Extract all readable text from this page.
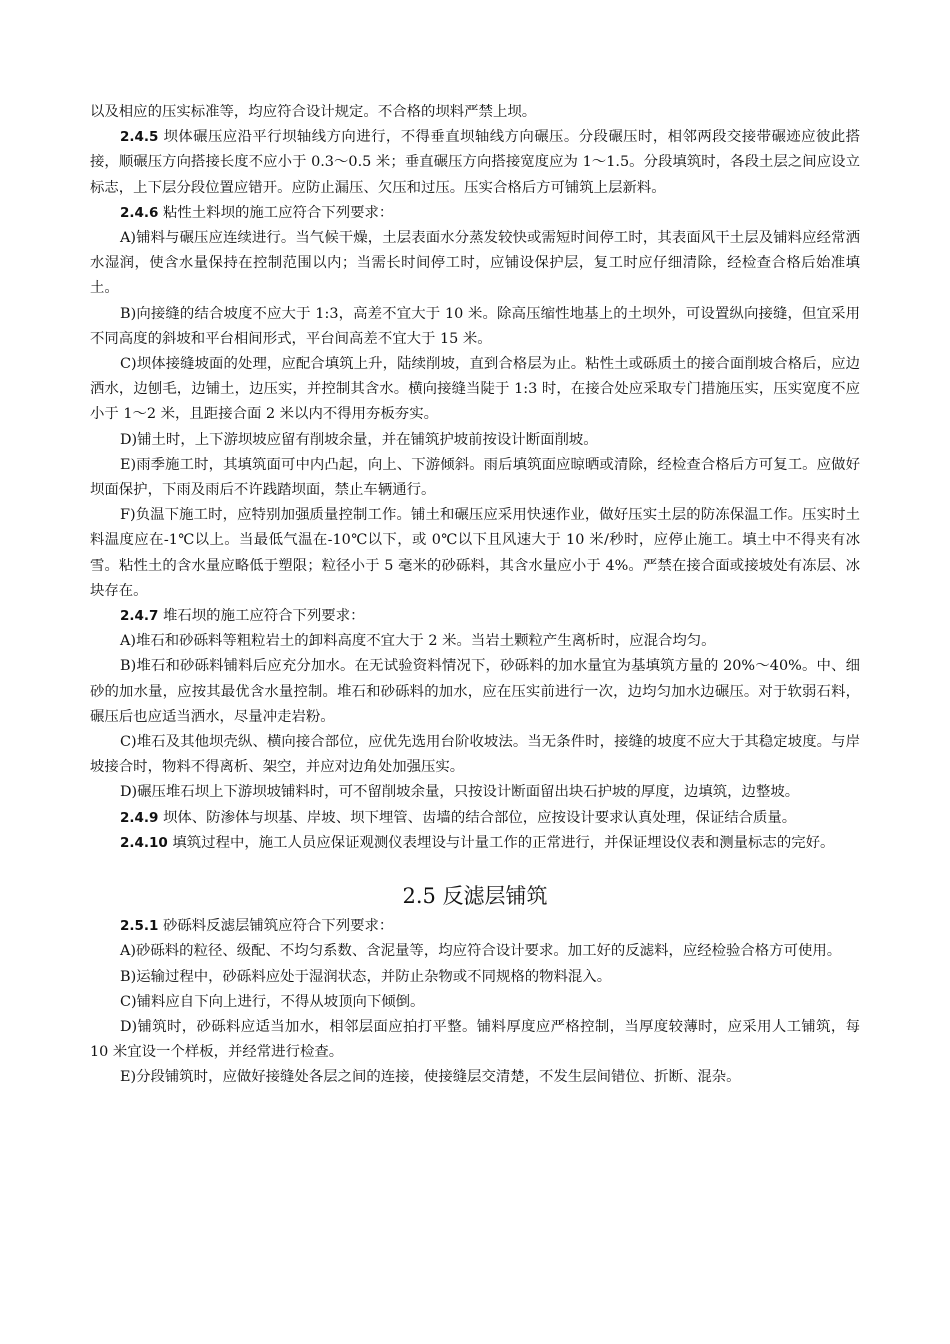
以及相应的压实标准等，均应符合设计规定。不合格的坝料严禁上坝。

2.4.5 坝体碾压应沿平行坝轴线方向进行，不得垂直坝轴线方向碾压。分段碾压时，相邻两段交接带碾迹应彼此搭接，顺碾压方向搭接长度不应小于 0.3～0.5 米；垂直碾压方向搭接宽度应为 1～1.5。分段填筑时，各段土层之间应设立标志，上下层分段位置应错开。应防止漏压、欠压和过压。压实合格后方可铺筑上层新料。

2.4.6 粘性土料坝的施工应符合下列要求：

A)铺料与碾压应连续进行。当气候干燥，土层表面水分蒸发较快或需短时间停工时，其表面风干土层及铺料应经常洒水湿润，使含水量保持在控制范围以内；当需长时间停工时，应铺设保护层，复工时应仔细清除，经检查合格后始准填土。

B)向接缝的结合坡度不应大于 1:3，高差不宜大于 10 米。除高压缩性地基上的土坝外，可设置纵向接缝，但宜采用不同高度的斜坡和平台相间形式，平台间高差不宜大于 15 米。

C)坝体接缝坡面的处理，应配合填筑上升，陆续削坡，直到合格层为止。粘性土或砾质土的接合面削坡合格后，应边洒水，边刨毛，边铺土，边压实，并控制其含水。横向接缝当陡于 1:3 时，在接合处应采取专门措施压实，压实宽度不应小于 1～2 米，且距接合面 2 米以内不得用夯板夯实。

D)铺土时，上下游坝坡应留有削坡余量，并在铺筑护坡前按设计断面削坡。

E)雨季施工时，其填筑面可中内凸起，向上、下游倾斜。雨后填筑面应晾晒或清除，经检查合格后方可复工。应做好坝面保护，下雨及雨后不许践踏坝面，禁止车辆通行。

F)负温下施工时，应特别加强质量控制工作。铺土和碾压应采用快速作业，做好压实土层的防冻保温工作。压实时土料温度应在-1℃以上。当最低气温在-10℃以下，或 0℃以下且风速大于 10 米/秒时，应停止施工。填土中不得夹有冰雪。粘性土的含水量应略低于塑限；粒径小于 5 毫米的砂砾料，其含水量应小于 4%。严禁在接合面或接坡处有冻层、冰块存在。

2.4.7 堆石坝的施工应符合下列要求：

A)堆石和砂砾料等粗粒岩土的卸料高度不宜大于 2 米。当岩土颗粒产生离析时，应混合均匀。

B)堆石和砂砾料铺料后应充分加水。在无试验资料情况下，砂砾料的加水量宜为基填筑方量的 20%～40%。中、细砂的加水量，应按其最优含水量控制。堆石和砂砾料的加水，应在压实前进行一次，边均匀加水边碾压。对于软弱石料，碾压后也应适当洒水，尽量冲走岩粉。

C)堆石及其他坝壳纵、横向接合部位，应优先选用台阶收坡法。当无条件时，接缝的坡度不应大于其稳定坡度。与岸坡接合时，物料不得离析、架空，并应对边角处加强压实。

D)碾压堆石坝上下游坝坡铺料时，可不留削坡余量，只按设计断面留出块石护坡的厚度，边填筑，边整坡。

2.4.9 坝体、防渗体与坝基、岸坡、坝下埋管、齿墙的结合部位，应按设计要求认真处理，保证结合质量。

2.4.10 填筑过程中，施工人员应保证观测仪表埋设与计量工作的正常进行，并保证埋设仪表和测量标志的完好。

2.5 反滤层铺筑

2.5.1 砂砾料反滤层铺筑应符合下列要求：

A)砂砾料的粒径、级配、不均匀系数、含泥量等，均应符合设计要求。加工好的反滤料，应经检验合格方可使用。

B)运输过程中，砂砾料应处于湿润状态，并防止杂物或不同规格的物料混入。

C)铺料应自下向上进行，不得从坡顶向下倾倒。

D)铺筑时，砂砾料应适当加水，相邻层面应拍打平整。铺料厚度应严格控制，当厚度较薄时，应采用人工铺筑，每 10 米宜设一个样板，并经常进行检查。

E)分段铺筑时，应做好接缝处各层之间的连接，使接缝层交清楚，不发生层间错位、折断、混杂。
